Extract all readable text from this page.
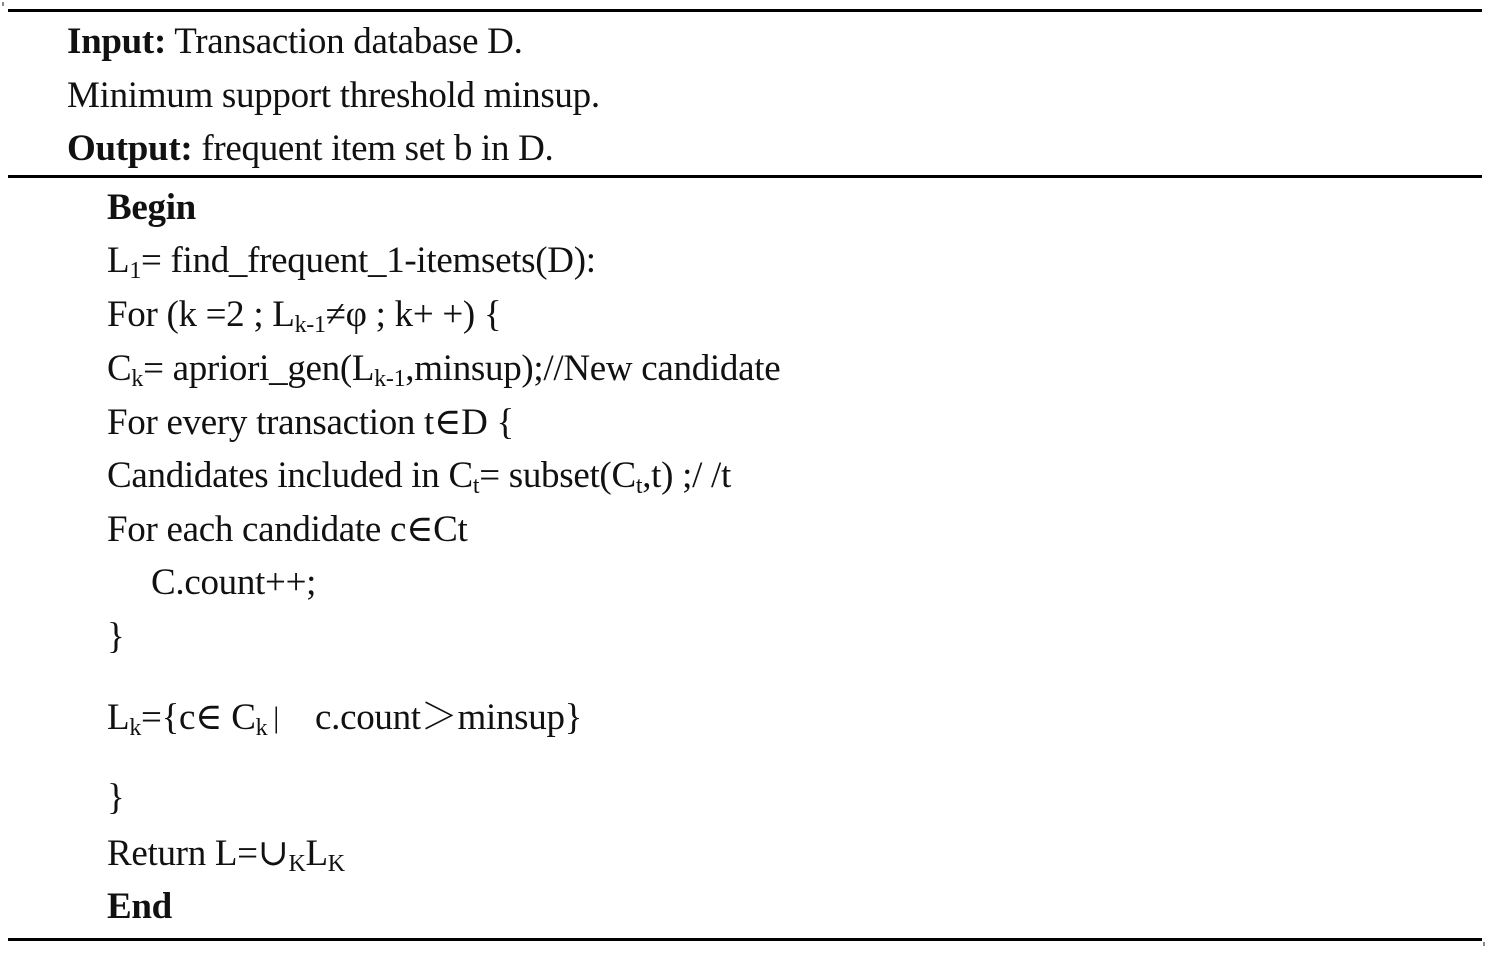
Input: Transaction database D.
Minimum support threshold minsup.
Output: frequent item set b in D.
Begin
$L_1=$ find_frequent_1-itemsets(D):
For (k =2 ; $L_{k-1}\ne\varphi$ ; k+ +) {
$C_k=$ $apriori\_gen(L_{k-1},minsup);/$/New candidate
For every transaction t∈D {
Candidates included in $C_t=$ $subset(C_t,t)$ ;/ /t
For each candidate c∈Ct
C.count++;
}
$L_k=\{c\in$ $C_k$ | c.count＞minsup}
}
Return $L=\cup_KL_K$
End
